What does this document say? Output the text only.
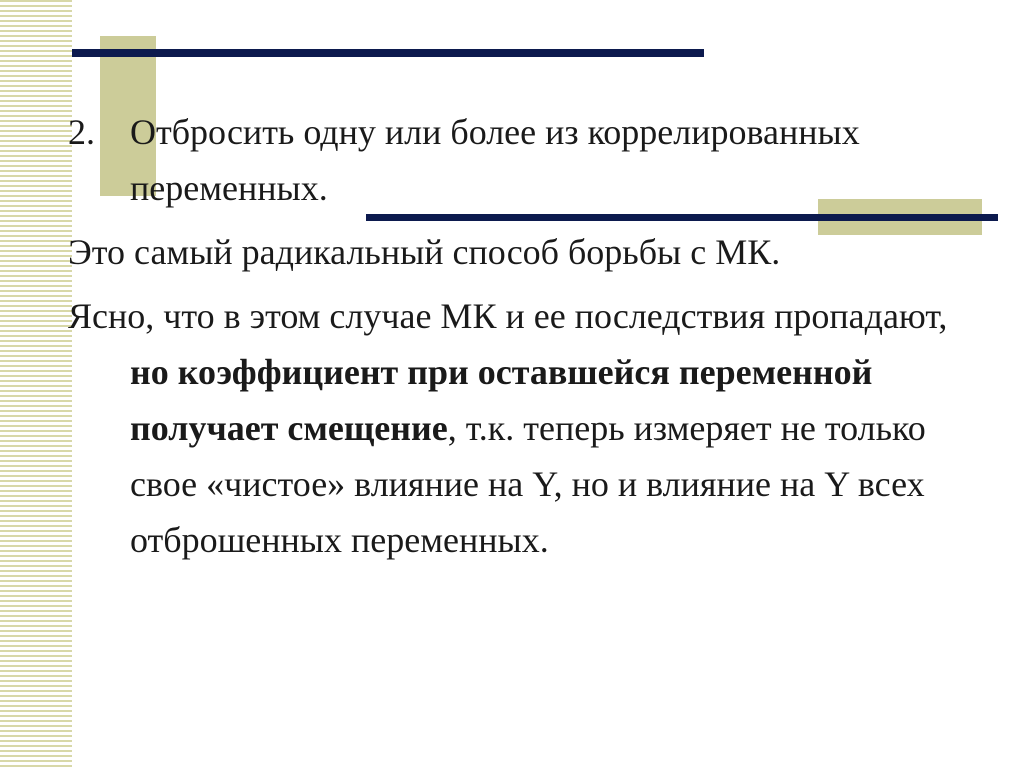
2. Отбросить одну или более из коррелированных переменных.

Это самый радикальный способ борьбы с МК.

Ясно, что в этом случае МК и ее последствия пропадают, но коэффициент при оставшейся переменной получает смещение, т.к. теперь измеряет не только свое «чистое» влияние на Y, но и влияние на Y всех отброшенных переменных.
